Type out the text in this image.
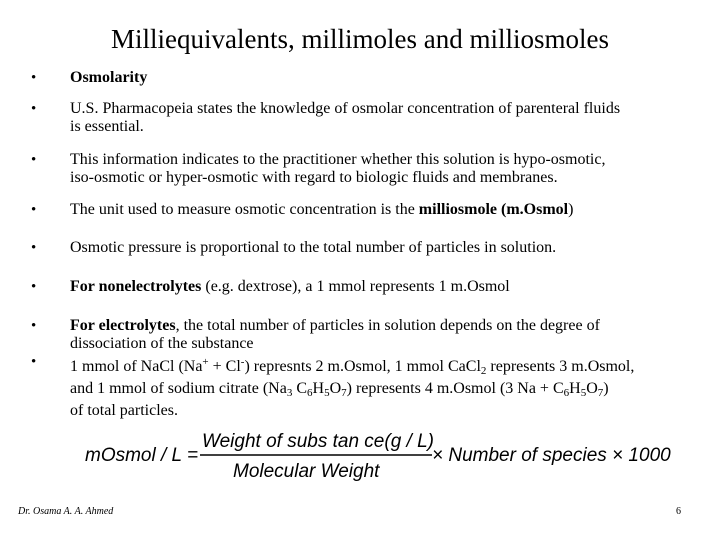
Milliequivalents, millimoles and milliosmoles
• Osmolarity
• U.S. Pharmacopeia states the knowledge of osmolar concentration of parenteral fluids
is essential.
• This information indicates to the practitioner whether this solution is hypo-osmotic,
iso-osmotic or hyper-osmotic with regard to biologic fluids and membranes.
• The unit used to measure osmotic concentration is the milliosmole (m.Osmol)
• Osmotic pressure is proportional to the total number of particles in solution.
• For nonelectrolytes (e.g. dextrose), a 1 mmol represents 1 m.Osmol
• For electrolytes, the total number of particles in solution depends on the degree of
dissociation of the substance
• 1 mmol of NaCl (Na+ + Cl-) represnts 2 m.Osmol, 1 mmol CaCl$_2$ represents 3 m.Osmol,
and 1 mmol of sodium citrate ($Na_3$ $C_6H_5O_7$) represents 4 m.Osmol (3 $Na + C_6H_5O_7$)
of total particles.
mOsmol / L =
Weight of subs tan ce(g / L)
Molecular Weight
× Number of species × 1000
Dr. Osama A. A. Ahmed	6
